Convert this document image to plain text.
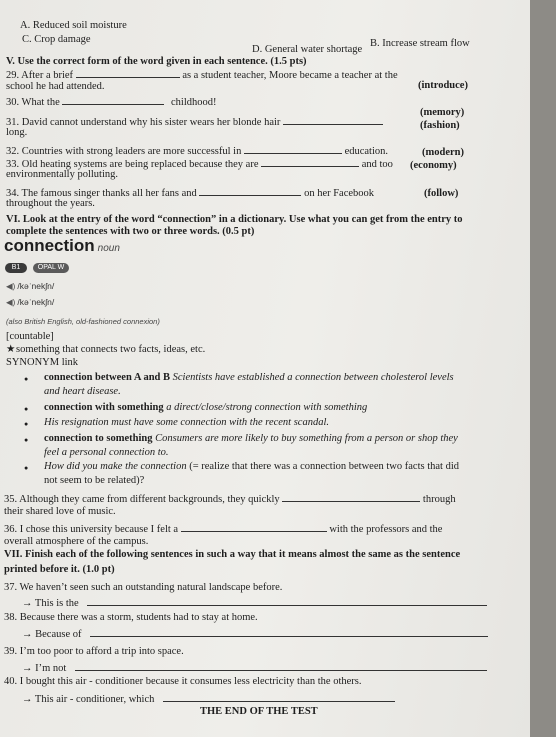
A. Reduced soil moisture
C. Crop damage	B. Increase stream flow
D. General water shortage
V. Use the correct form of the word given in each sentence. (1.5 pts)
29. After a brief	as a student teacher, Moore became a teacher at the
school he had attended.	(introduce)
30. What the	childhood!
(memory)
31. David cannot understand why his sister wears her blonde hair
long.
(fashion)
32. Countries with strong leaders are more successful in	education.	(modern)
33. Old heating systems are being replaced because they are	and too
environmentally polluting.
(economy)
34. The famous singer thanks all her fans and	on her Facebook
throughout the years.
(follow)
VI. Look at the entry of the word “connection” in a dictionary. Use what you can get from the entry to
complete the sentences with two or three words. (0.5 pt)
connection noun
B1	OPAL W
◀) /kəˈnekʃn/
◀) /kəˈnekʃn/
(also British English, old-fashioned connexion)
[countable]
★something that connects two facts, ideas, etc.
SYNONYM link
● connection between A and B Scientists have established a connection between cholesterol levels
and heart disease.
● connection with something a direct/close/strong connection with something
● His resignation must have some connection with the recent scandal.
● connection to something Consumers are more likely to buy something from a person or shop they
feel a personal connection to.
● How did you make the connection (= realize that there was a connection between two facts that did
not seem to be related)?
35. Although they came from different backgrounds, they quickly	through
their shared love of music.
36. I chose this university because I felt a	with the professors and the
overall atmosphere of the campus.
VII. Finish each of the following sentences in such a way that it means almost the same as the sentence
printed before it. (1.0 pt)
37. We haven’t seen such an outstanding natural landscape before.
→ This is the
38. Because there was a storm, students had to stay at home.
→ Because of
39. I’m too poor to afford a trip into space.
→ I’m not
40. I bought this air - conditioner because it consumes less electricity than the others.
→ This air - conditioner, which
THE END OF THE TEST
